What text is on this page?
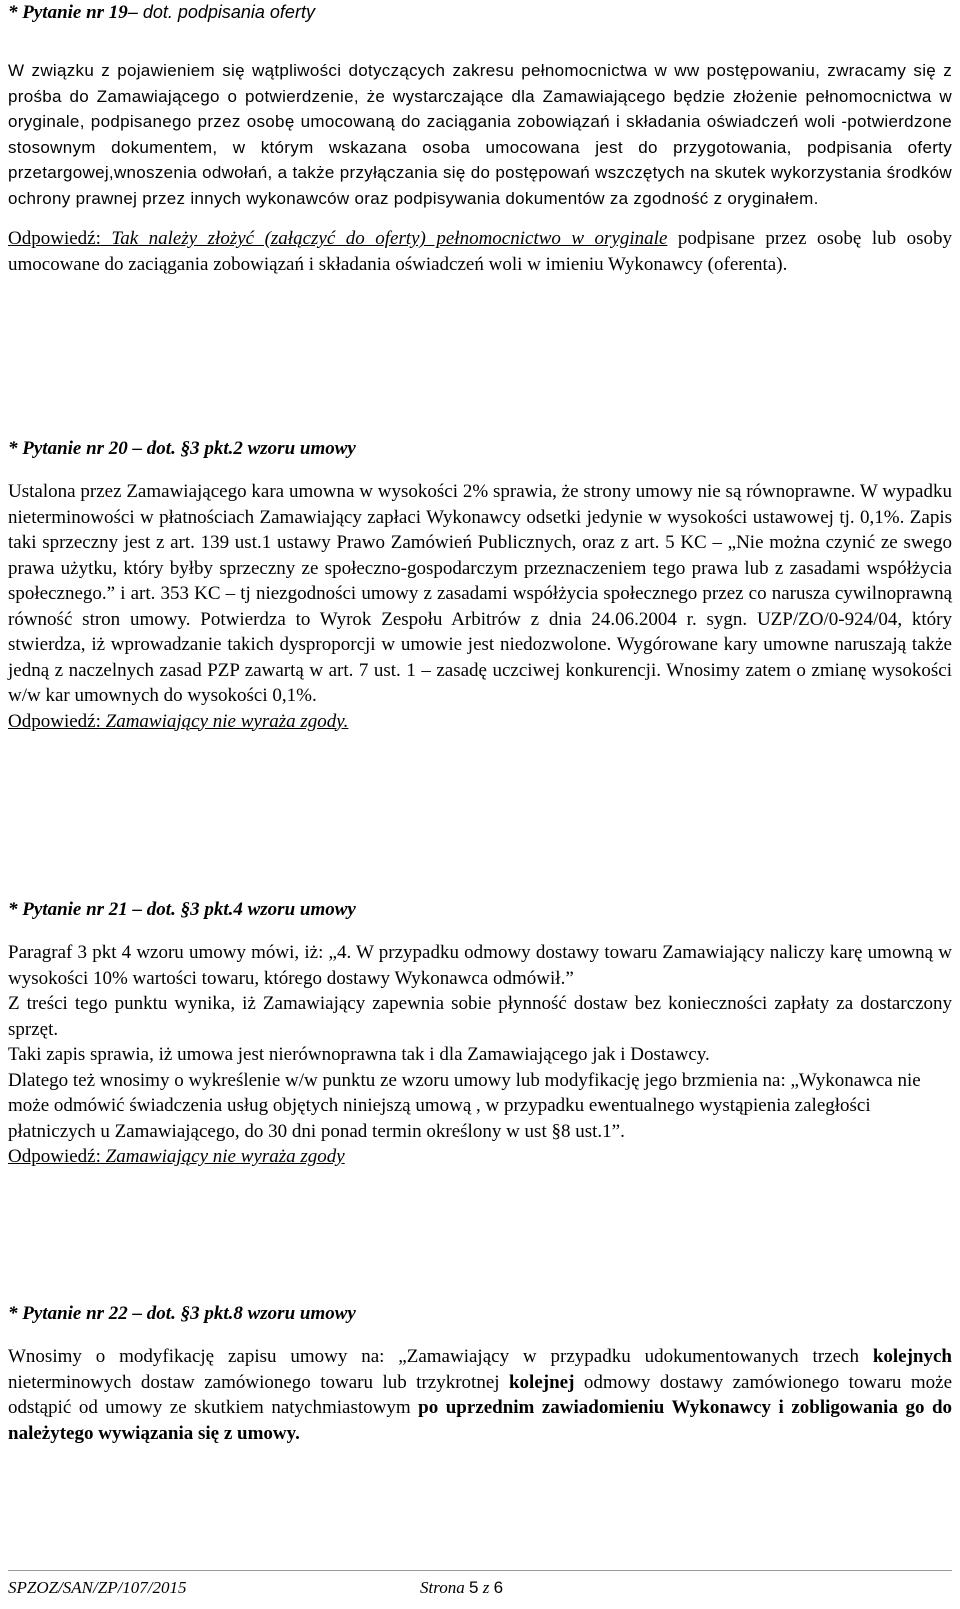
* Pytanie nr 19– dot. podpisania oferty

W związku z pojawieniem się wątpliwości dotyczących zakresu pełnomocnictwa w ww postępowaniu, zwracamy się z prośba do Zamawiającego o potwierdzenie, że wystarczające dla Zamawiającego będzie złożenie pełnomocnictwa w oryginale, podpisanego przez osobę umocowaną do zaciągania zobowiązań i składania oświadczeń woli -potwierdzone stosownym dokumentem, w którym wskazana osoba umocowana jest do przygotowania, podpisania oferty przetargowej,wnoszenia odwołań, a także przyłączania się do postępowań wszczętych na skutek wykorzystania środków ochrony prawnej przez innych wykonawców oraz podpisywania dokumentów za zgodność z oryginałem.

Odpowiedź: Tak należy złożyć (załączyć do oferty) pełnomocnictwo w oryginale podpisane przez osobę lub osoby umocowane do zaciągania zobowiązań i składania oświadczeń woli w imieniu Wykonawcy (oferenta).

* Pytanie nr 20 – dot. §3 pkt.2 wzoru umowy

Ustalona przez Zamawiającego kara umowna w wysokości 2% sprawia, że strony umowy nie są równoprawne. W wypadku nieterminowości w płatnościach Zamawiający zapłaci Wykonawcy odsetki jedynie w wysokości ustawowej tj. 0,1%. Zapis taki sprzeczny jest z art. 139 ust.1 ustawy Prawo Zamówień Publicznych, oraz z art. 5 KC – „Nie można czynić ze swego prawa użytku, który byłby sprzeczny ze społeczno-gospodarczym przeznaczeniem tego prawa lub z zasadami współżycia społecznego.” i art. 353 KC – tj niezgodności umowy z zasadami współżycia społecznego przez co narusza cywilnoprawną równość stron umowy. Potwierdza to Wyrok Zespołu Arbitrów z dnia 24.06.2004 r. sygn. UZP/ZO/0-924/04, który stwierdza, iż wprowadzanie takich dysproporcji w umowie jest niedozwolone. Wygórowane kary umowne naruszają także jedną z naczelnych zasad PZP zawartą w art. 7 ust. 1 – zasadę uczciwej konkurencji. Wnosimy zatem o zmianę wysokości w/w kar umownych do wysokości 0,1%.

Odpowiedź: Zamawiający nie wyraża zgody.

* Pytanie nr 21 – dot. §3 pkt.4 wzoru umowy

Paragraf 3 pkt 4 wzoru umowy mówi, iż: „4. W przypadku odmowy dostawy towaru Zamawiający naliczy karę umowną w wysokości 10% wartości towaru, którego dostawy Wykonawca odmówił.”

Z treści tego punktu wynika, iż Zamawiający zapewnia sobie płynność dostaw bez konieczności zapłaty za dostarczony sprzęt.

Taki zapis sprawia, iż umowa jest nierównoprawna tak i dla Zamawiającego jak i Dostawcy.

Dlatego też wnosimy o wykreślenie w/w punktu ze wzoru umowy lub modyfikację jego brzmienia na: „Wykonawca nie może odmówić świadczenia usług objętych niniejszą umową , w przypadku ewentualnego wystąpienia zaległości płatniczych u Zamawiającego, do 30 dni ponad termin określony w ust §8 ust.1”.

Odpowiedź: Zamawiający nie wyraża zgody

* Pytanie nr 22 – dot. §3 pkt.8 wzoru umowy

Wnosimy o modyfikację zapisu umowy na: „Zamawiający w przypadku udokumentowanych trzech kolejnych nieterminowych dostaw zamówionego towaru lub trzykrotnej kolejnej odmowy dostawy zamówionego towaru może odstąpić od umowy ze skutkiem natychmiastowym po uprzednim zawiadomieniu Wykonawcy i zobligowania go do należytego wywiązania się z umowy.

SPZOZ/SAN/ZP/107/2015	Strona 5 z 6
